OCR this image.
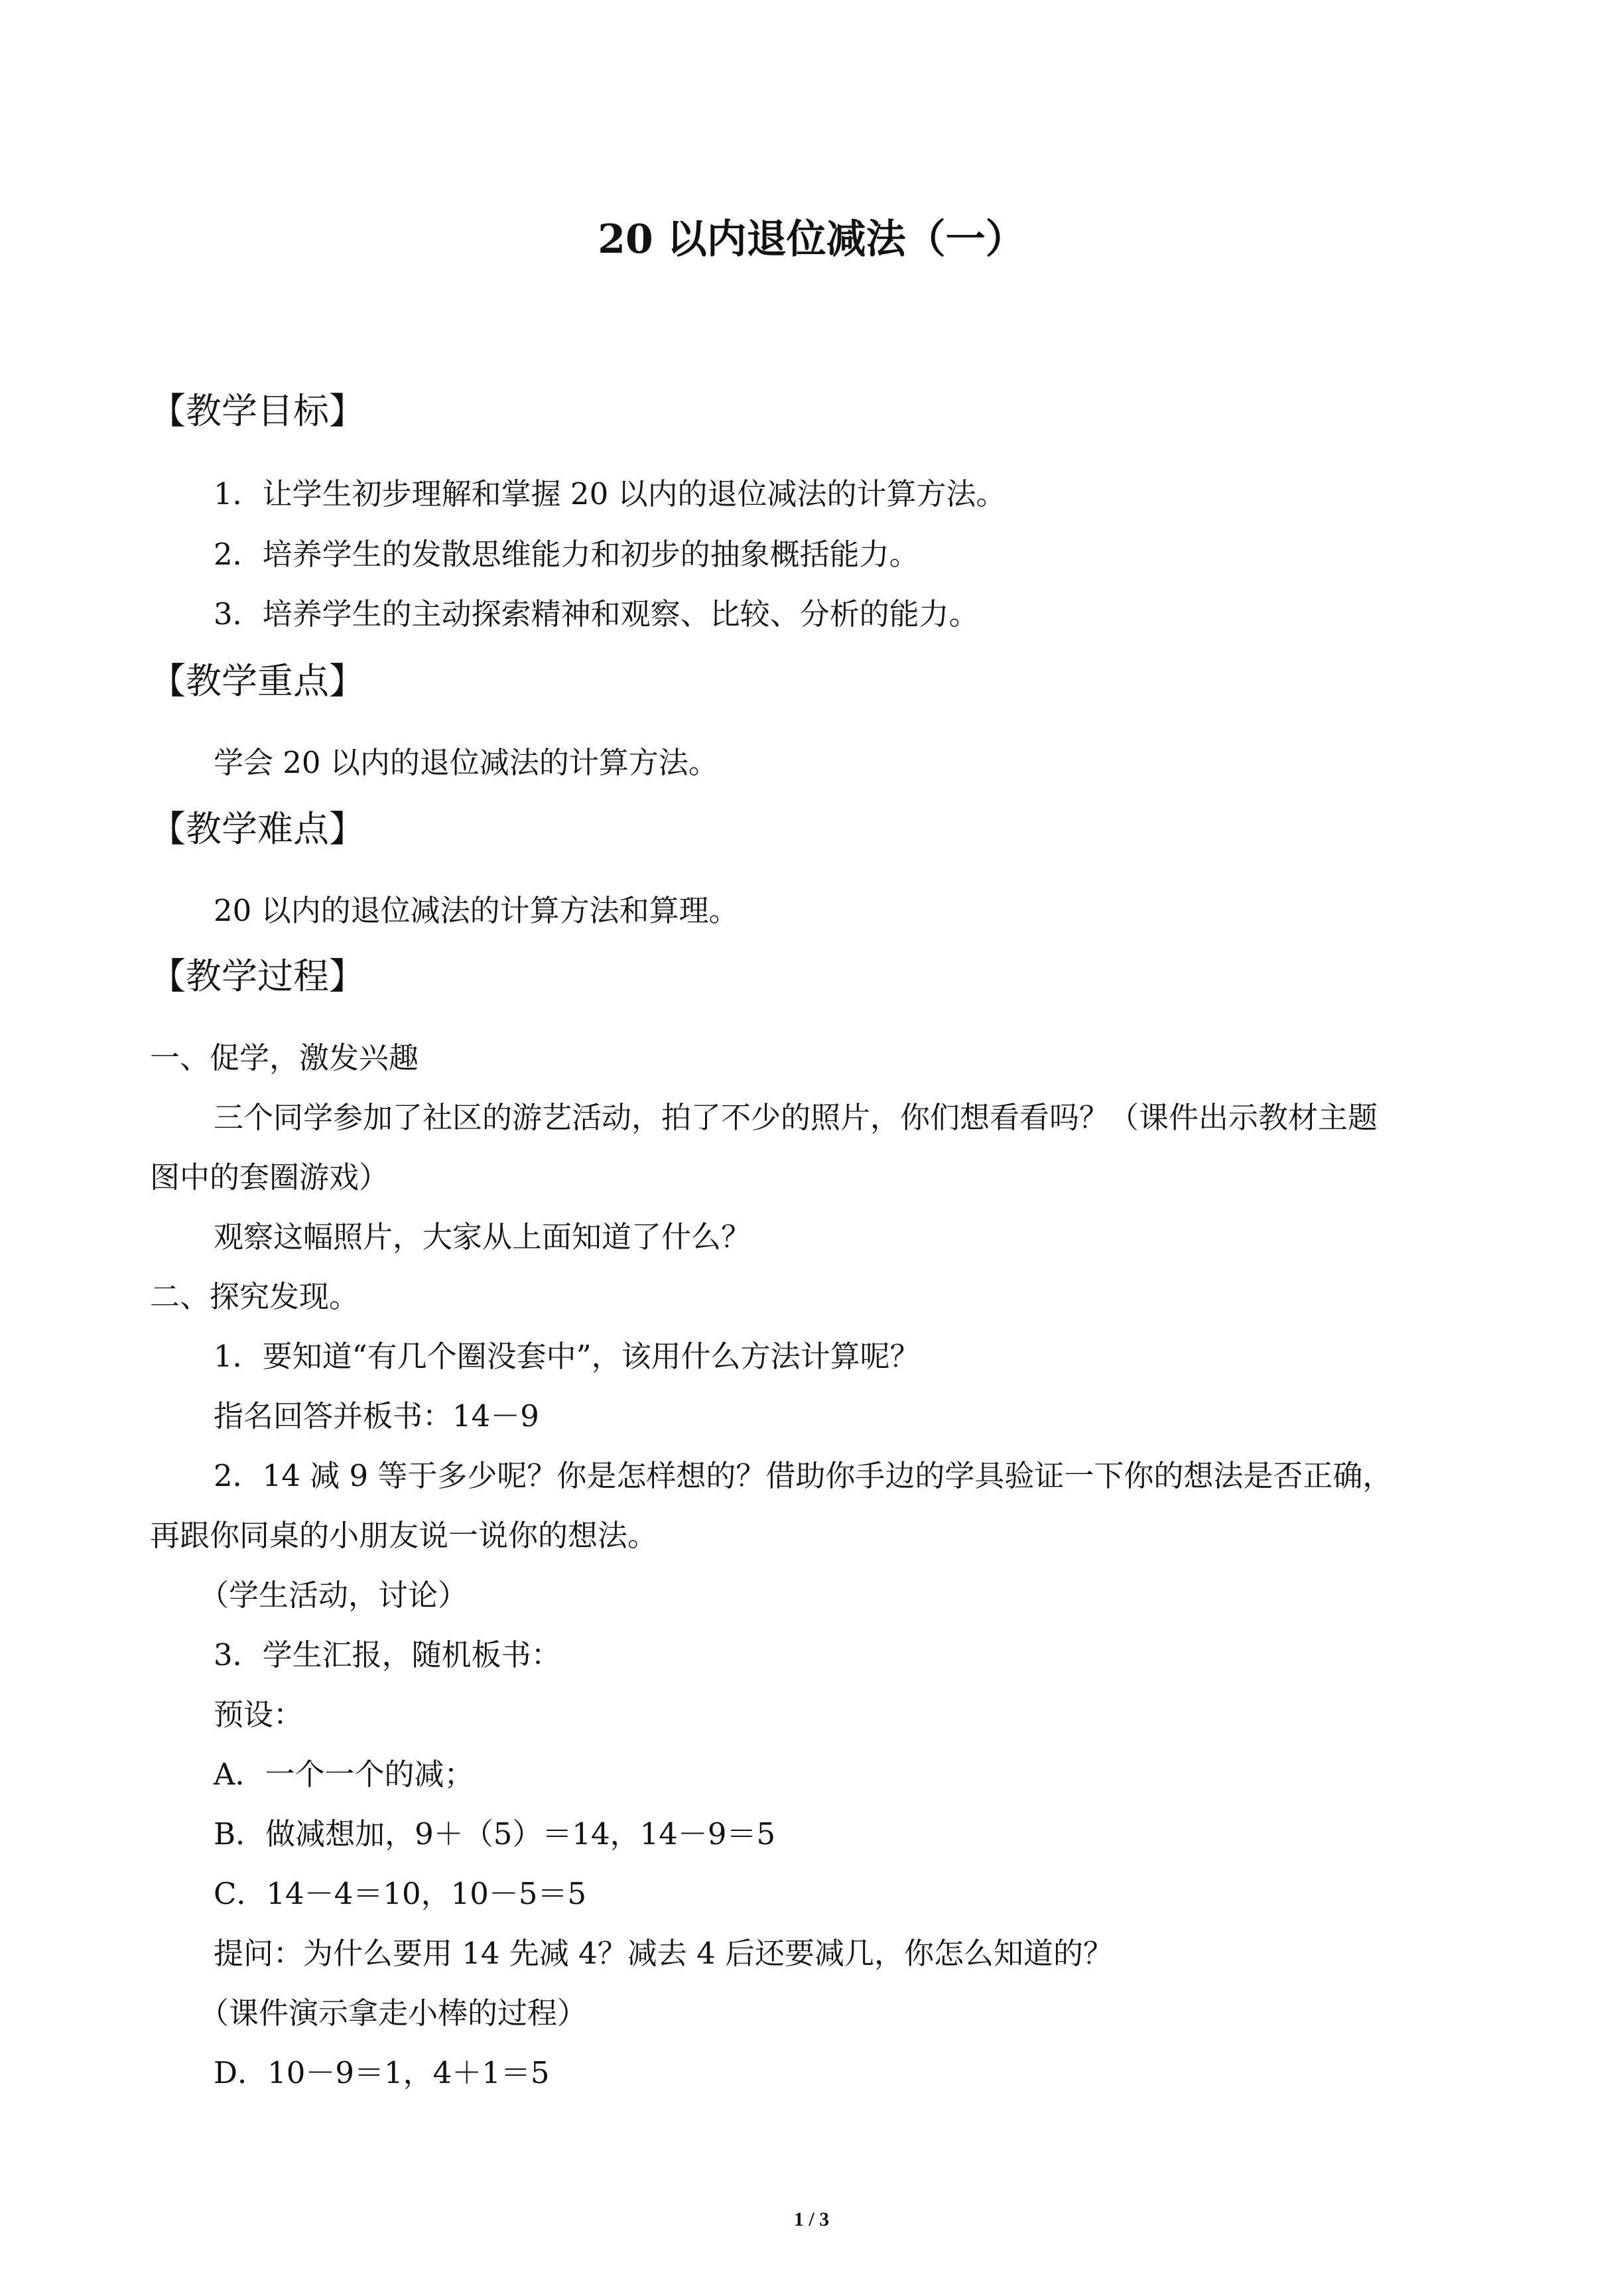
20 以内退位减法（一）
【教学目标】
1．让学生初步理解和掌握 20 以内的退位减法的计算方法。
2．培养学生的发散思维能力和初步的抽象概括能力。
3．培养学生的主动探索精神和观察、比较、分析的能力。
【教学重点】
学会 20 以内的退位减法的计算方法。
【教学难点】
20 以内的退位减法的计算方法和算理。
【教学过程】
一、促学，激发兴趣
三个同学参加了社区的游艺活动，拍了不少的照片，你们想看看吗？（课件出示教材主题
图中的套圈游戏）
观察这幅照片，大家从上面知道了什么？
二、探究发现。
1．要知道“有几个圈没套中”，该用什么方法计算呢？
指名回答并板书：14－9
2．14 减 9 等于多少呢？你是怎样想的？借助你手边的学具验证一下你的想法是否正确，
再跟你同桌的小朋友说一说你的想法。
（学生活动，讨论）
3．学生汇报，随机板书：
预设：
A．一个一个的减；
B．做减想加，9＋（5）＝14，14－9＝5
C．14－4＝10，10－5＝5
提问：为什么要用 14 先减 4？减去 4 后还要减几，你怎么知道的？
（课件演示拿走小棒的过程）
D．10－9＝1，4＋1＝5
1 / 3
